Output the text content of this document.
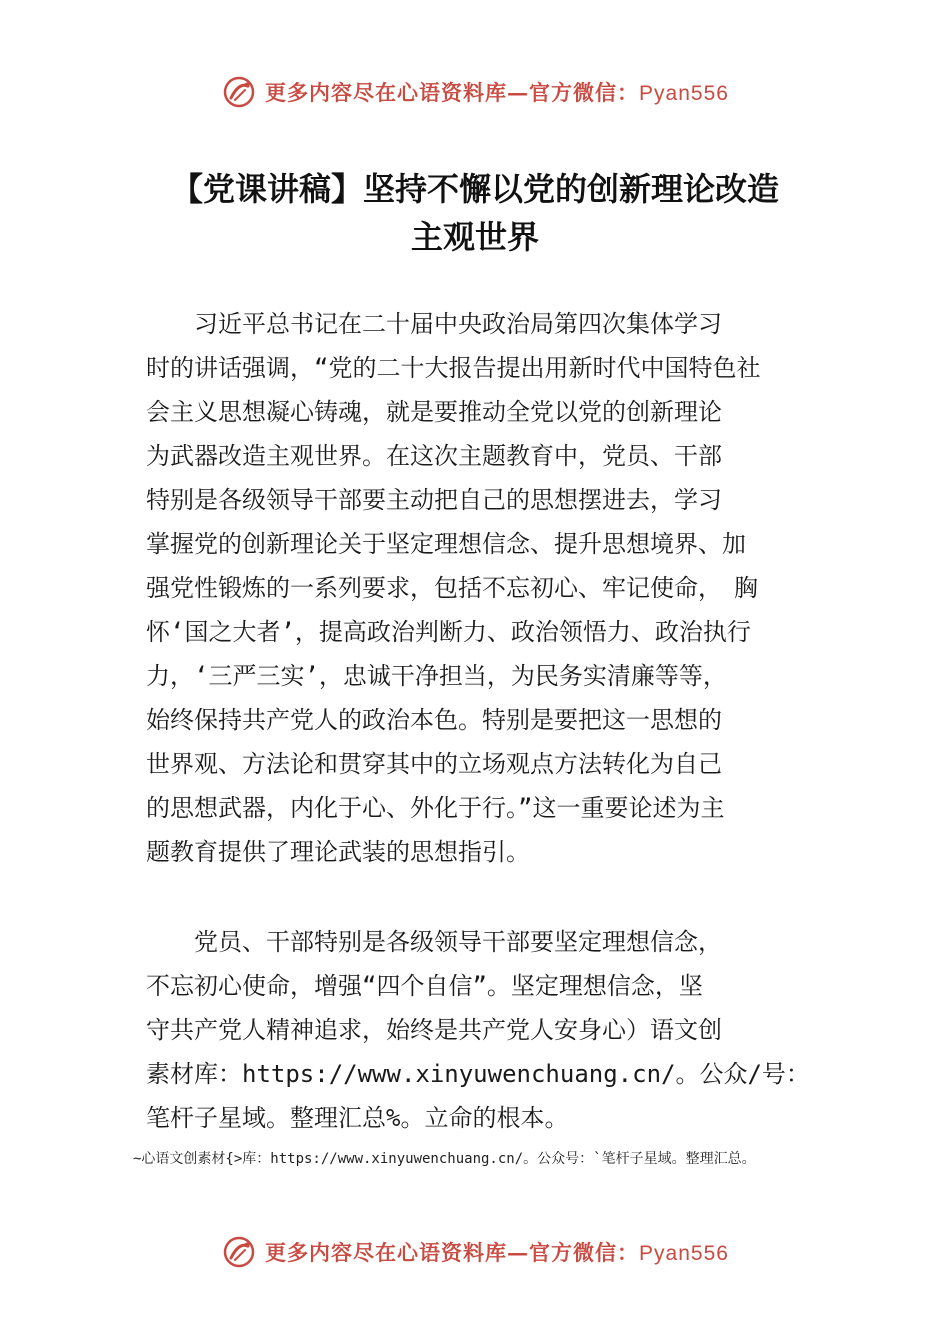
更多内容尽在心语资料库—官方微信：Pyan556
【党课讲稿】坚持不懈以党的创新理论改造
主观世界
　　习近平总书记在二十届中央政治局第四次集体学习
时的讲话强调，“党的二十大报告提出用新时代中国特色社
会主义思想凝心铸魂，就是要推动全党以党的创新理论
为武器改造主观世界。在这次主题教育中，党员、干部
特别是各级领导干部要主动把自己的思想摆进去，学习
掌握党的创新理论关于坚定理想信念、提升思想境界、加
强党性锻炼的一系列要求，包括不忘初心、牢记使命，　胸
怀‘国之大者’，提高政治判断力、政治领悟力、政治执行
力，‘三严三实’，忠诚干净担当，为民务实清廉等等，
始终保持共产党人的政治本色。特别是要把这一思想的
世界观、方法论和贯穿其中的立场观点方法转化为自己
的思想武器，内化于心、外化于行。”这一重要论述为主
题教育提供了理论武装的思想指引。
　　党员、干部特别是各级领导干部要坚定理想信念，
不忘初心使命，增强“四个自信”。坚定理想信念，坚
守共产党人精神追求，始终是共产党人安身心）语文创
素材库：https://www.xinyuwenchuang.cn/。公众/号：
笔杆子星域。整理汇总%。立命的根本。
~心语文创素材{>库：https://www.xinyuwenchuang.cn/。公众号：`笔杆子星域。整理汇总。
更多内容尽在心语资料库—官方微信：Pyan556
